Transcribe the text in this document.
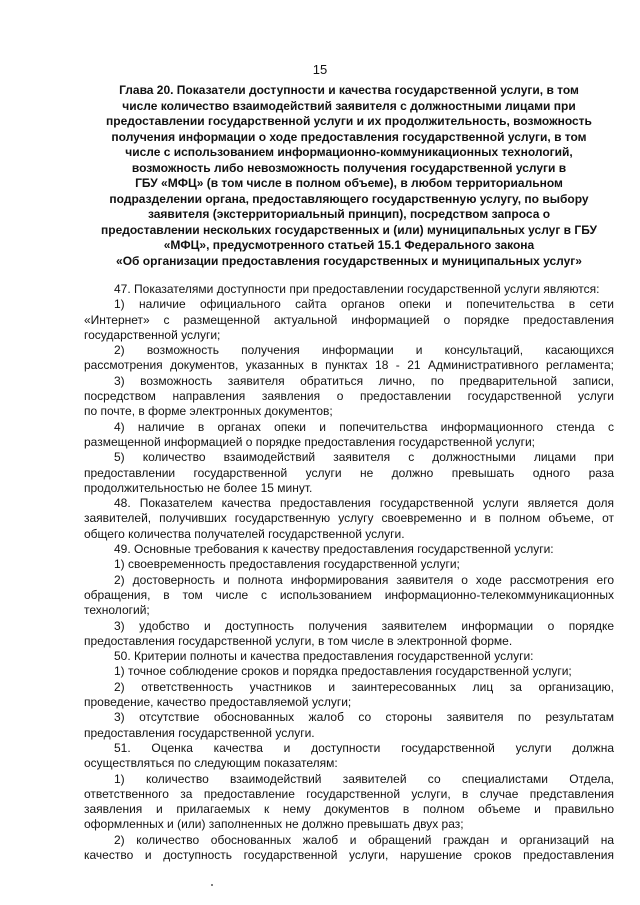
15
Глава 20. Показатели доступности и качества государственной услуги, в том
числе количество взаимодействий заявителя с должностными лицами при
предоставлении государственной услуги и их продолжительность, возможность
получения информации о ходе предоставления государственной услуги, в том
числе с использованием информационно-коммуникационных технологий,
возможность либо невозможность получения государственной услуги в
ГБУ «МФЦ» (в том числе в полном объеме), в любом территориальном
подразделении органа, предоставляющего государственную услугу, по выбору
заявителя (экстерриториальный принцип), посредством запроса о
предоставлении нескольких государственных и (или) муниципальных услуг в ГБУ
«МФЦ», предусмотренного статьей 15.1 Федерального закона
«Об организации предоставления государственных и муниципальных услуг»
47. Показателями доступности при предоставлении государственной услуги являются:
1) наличие официального сайта органов опеки и попечительства в сети
«Интернет» с размещенной актуальной информацией о порядке предоставления
государственной услуги;
2) возможность получения информации и консультаций, касающихся
рассмотрения документов, указанных в пунктах 18 - 21 Административного регламента;
3) возможность заявителя обратиться лично, по предварительной записи,
посредством направления заявления о предоставлении государственной услуги
по почте, в форме электронных документов;
4) наличие в органах опеки и попечительства информационного стенда с
размещенной информацией о порядке предоставления государственной услуги;
5) количество взаимодействий заявителя с должностными лицами при
предоставлении государственной услуги не должно превышать одного раза
продолжительностью не более 15 минут.
48. Показателем качества предоставления государственной услуги является доля
заявителей, получивших государственную услугу своевременно и в полном объеме, от
общего количества получателей государственной услуги.
49. Основные требования к качеству предоставления государственной услуги:
1) своевременность предоставления государственной услуги;
2) достоверность и полнота информирования заявителя о ходе рассмотрения его
обращения, в том числе с использованием информационно-телекоммуникационных
технологий;
3) удобство и доступность получения заявителем информации о порядке
предоставления государственной услуги, в том числе в электронной форме.
50. Критерии полноты и качества предоставления государственной услуги:
1) точное соблюдение сроков и порядка предоставления государственной услуги;
2) ответственность участников и заинтересованных лиц за организацию,
проведение, качество предоставляемой услуги;
3) отсутствие обоснованных жалоб со стороны заявителя по результатам
предоставления государственной услуги.
51. Оценка качества и доступности государственной услуги должна
осуществляться по следующим показателям:
1) количество взаимодействий заявителей со специалистами Отдела,
ответственного за предоставление государственной услуги, в случае представления
заявления и прилагаемых к нему документов в полном объеме и правильно
оформленных и (или) заполненных не должно превышать двух раз;
2) количество обоснованных жалоб и обращений граждан и организаций на
качество и доступность государственной услуги, нарушение сроков предоставления
